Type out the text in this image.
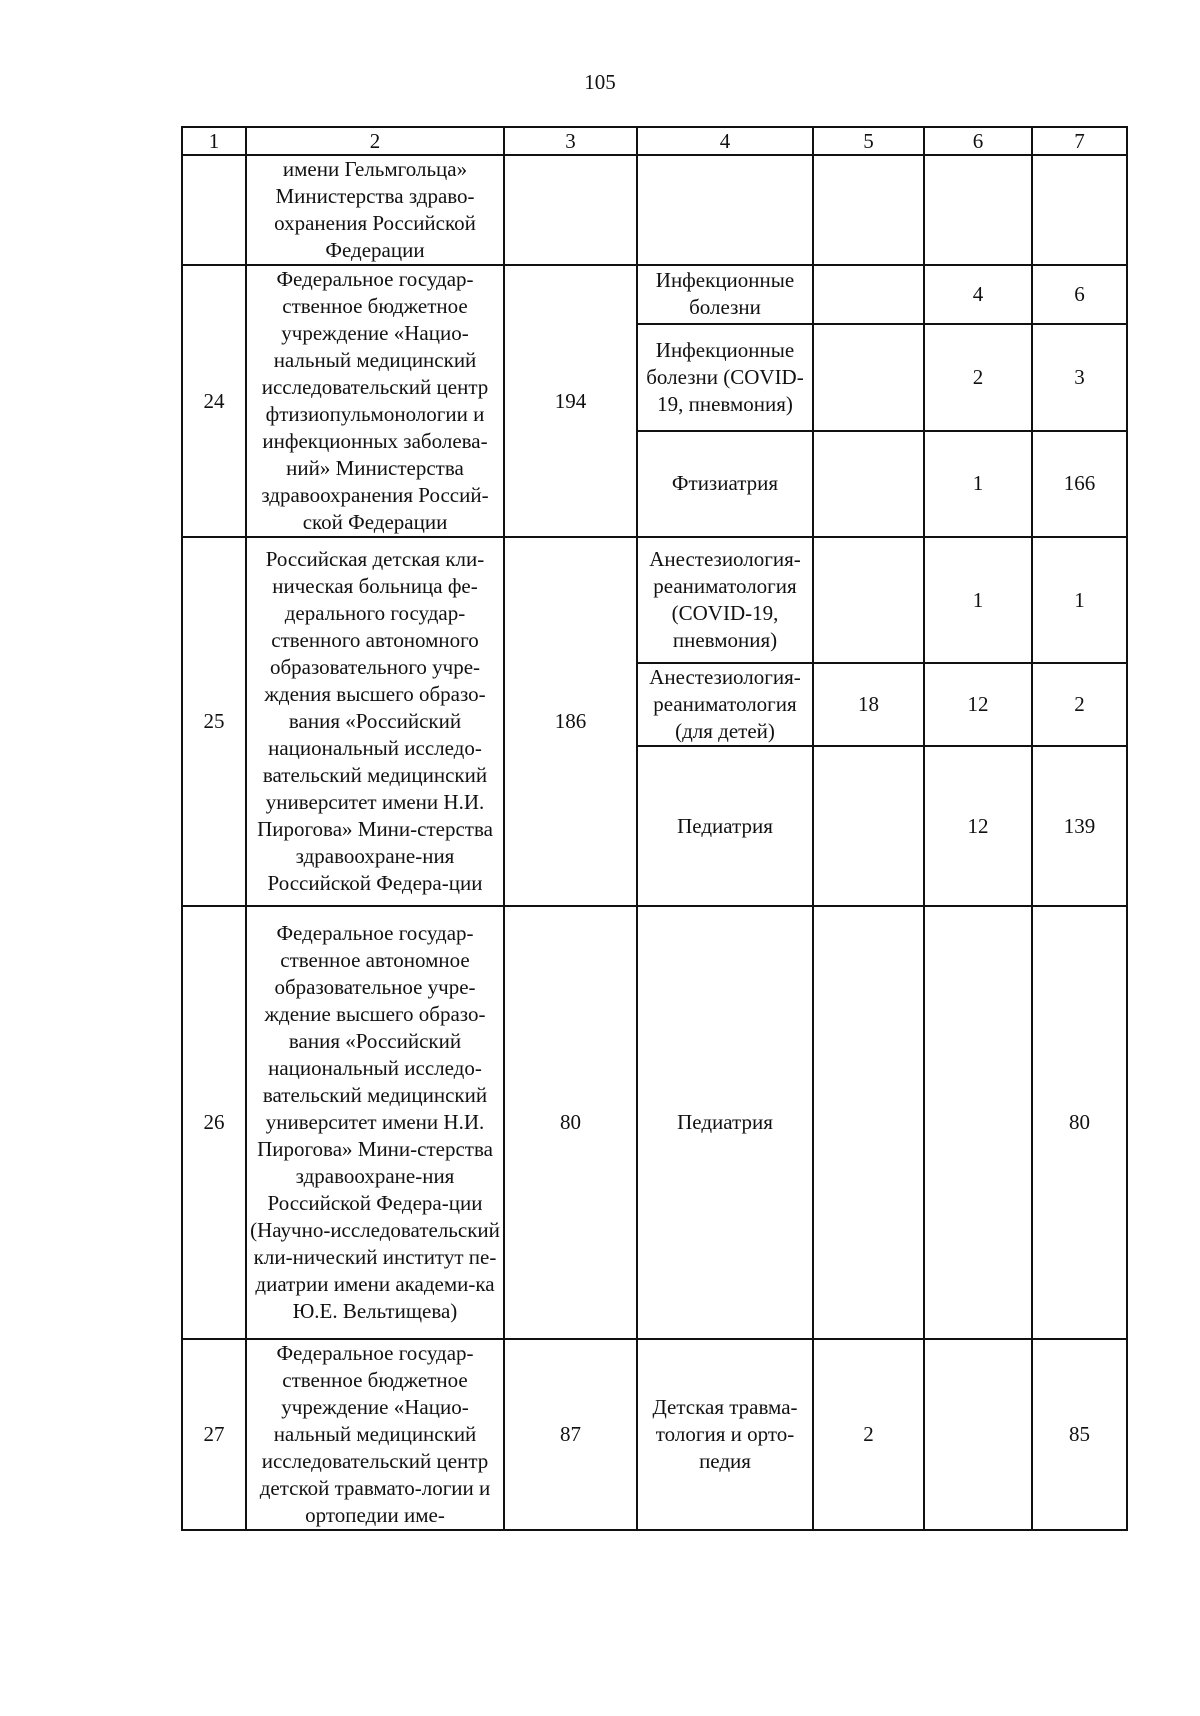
105
1	2	3	4	5	6	7
	имени Гельмгольца» Министерства здраво-охранения Российской Федерации					
24	Федеральное государ-ственное бюджетное учреждение «Нацио-нальный медицинский исследовательский центр фтизиопульмонологии и инфекционных заболева-ний» Министерства здравоохранения Россий-ской Федерации	194	Инфекционные болезни		4	6
			Инфекционные болезни (COVID-19, пневмония)		2	3
			Фтизиатрия		1	166
25	Российская детская кли-ническая больница фе-дерального государ-ственного автономного образовательного учре-ждения высшего образо-вания «Российский национальный исследо-вательский медицинский университет имени Н.И. Пирогова» Мини-стерства здравоохране-ния Российской Федера-ции	186	Анестезиология-реаниматология (COVID-19, пневмония)		1	1
			Анестезиология-реаниматология (для детей)	18	12	2
			Педиатрия		12	139
26	Федеральное государ-ственное автономное образовательное учре-ждение высшего образо-вания «Российский национальный исследо-вательский медицинский университет имени Н.И. Пирогова» Мини-стерства здравоохране-ния Российской Федера-ции (Научно-исследовательский кли-нический институт пе-диатрии имени академи-ка Ю.Е. Вельтищева)	80	Педиатрия			80
27	Федеральное государ-ственное бюджетное учреждение «Нацио-нальный медицинский исследовательский центр детской травмато-логии и ортопедии име-	87	Детская травма-тология и орто-педия	2		85
